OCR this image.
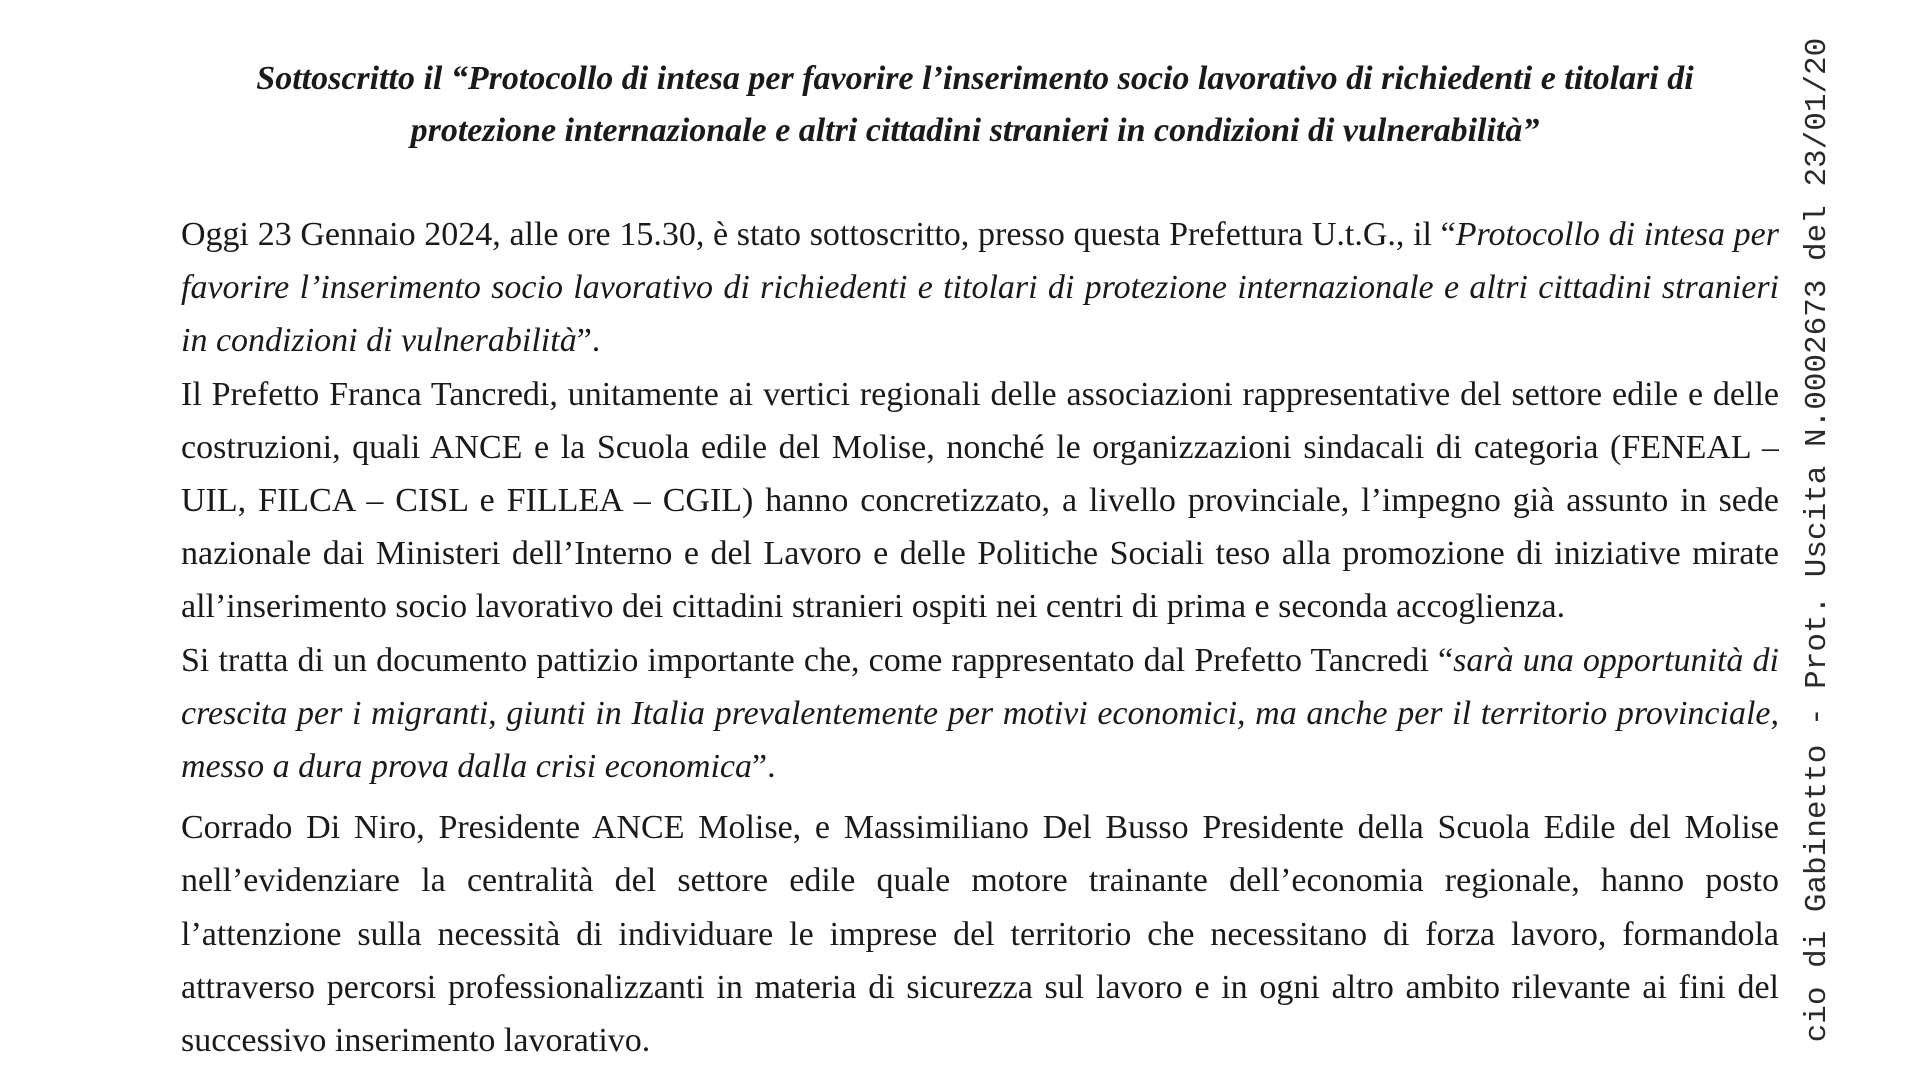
Sottoscritto il “Protocollo di intesa per favorire l’inserimento socio lavorativo di richiedenti e titolari di protezione internazionale e altri cittadini stranieri in condizioni di vulnerabilità”

Oggi 23 Gennaio 2024, alle ore 15.30, è stato sottoscritto, presso questa Prefettura U.t.G., il “Protocollo di intesa per favorire l’inserimento socio lavorativo di richiedenti e titolari di protezione internazionale e altri cittadini stranieri in condizioni di vulnerabilità”.

Il Prefetto Franca Tancredi, unitamente ai vertici regionali delle associazioni rappresentative del settore edile e delle costruzioni, quali ANCE e la Scuola edile del Molise, nonché le organizzazioni sindacali di categoria (FENEAL – UIL, FILCA – CISL e FILLEA – CGIL) hanno concretizzato, a livello provinciale, l’impegno già assunto in sede nazionale dai Ministeri dell’Interno e del Lavoro e delle Politiche Sociali teso alla promozione di iniziative mirate all’inserimento socio lavorativo dei cittadini stranieri ospiti nei centri di prima e seconda accoglienza.

Si tratta di un documento pattizio importante che, come rappresentato dal Prefetto Tancredi “sarà una opportunità di crescita per i migranti, giunti in Italia prevalentemente per motivi economici, ma anche per il territorio provinciale, messo a dura prova dalla crisi economica”.

Corrado Di Niro, Presidente ANCE Molise, e Massimiliano Del Busso Presidente della Scuola Edile del Molise nell’evidenziare la centralità del settore edile quale motore trainante dell’economia regionale, hanno posto l’attenzione sulla necessità di individuare le imprese del territorio che necessitano di forza lavoro, formandola attraverso percorsi professionalizzanti in materia di sicurezza sul lavoro e in ogni altro ambito rilevante ai fini del successivo inserimento lavorativo.	cio di Gabinetto - Prot. Uscita N.0002673 del 23/01/20
